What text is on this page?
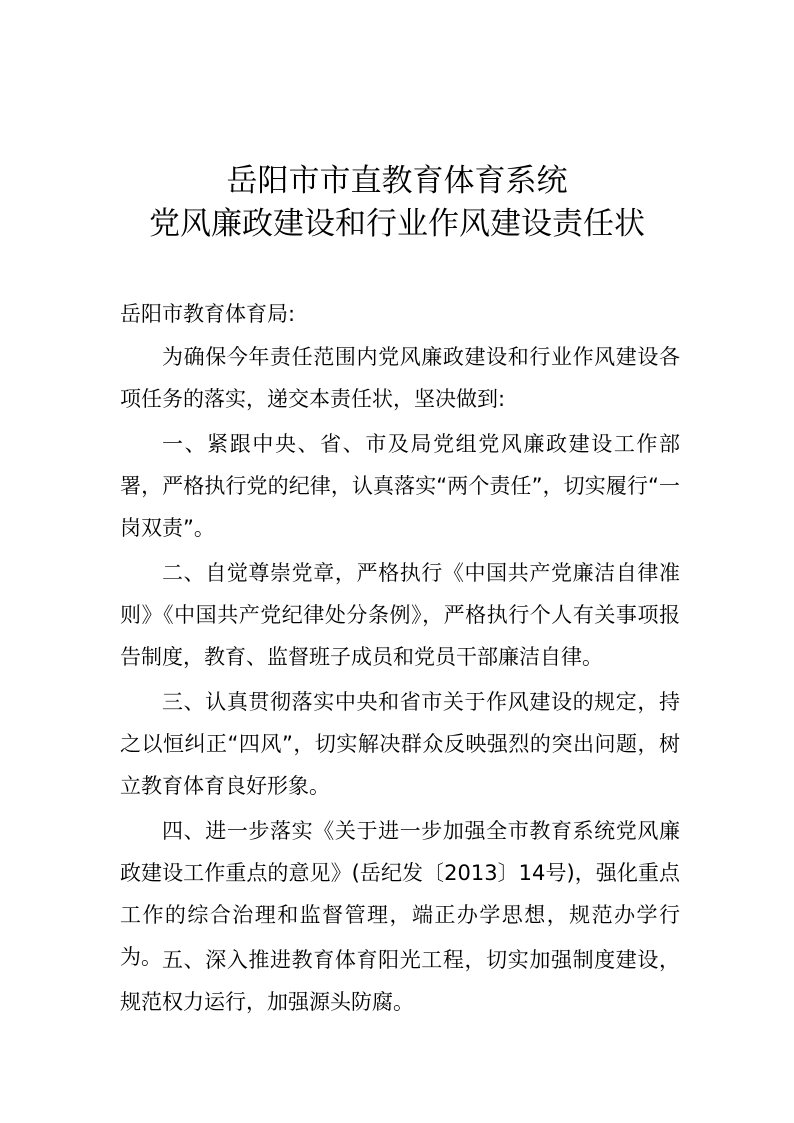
岳阳市市直教育体育系统
党风廉政建设和行业作风建设责任状
岳阳市教育体育局:
为确保今年责任范围内党风廉政建设和行业作风建设各项任务的落实，递交本责任状，坚决做到:
一、紧跟中央、省、市及局党组党风廉政建设工作部署，严格执行党的纪律，认真落实“两个责任”，切实履行“一岗双责”。
二、自觉尊崇党章，严格执行《中国共产党廉洁自律准则》《中国共产党纪律处分条例》，严格执行个人有关事项报告制度，教育、监督班子成员和党员干部廉洁自律。
三、认真贯彻落实中央和省市关于作风建设的规定，持之以恒纠正“四风”，切实解决群众反映强烈的突出问题，树立教育体育良好形象。
四、进一步落实《关于进一步加强全市教育系统党风廉政建设工作重点的意见》(岳纪发〔2013〕14号)，强化重点工作的综合治理和监督管理，端正办学思想，规范办学行为。 五、深入推进教育体育阳光工程，切实加强制度建设，规范权力运行，加强源头防腐。
